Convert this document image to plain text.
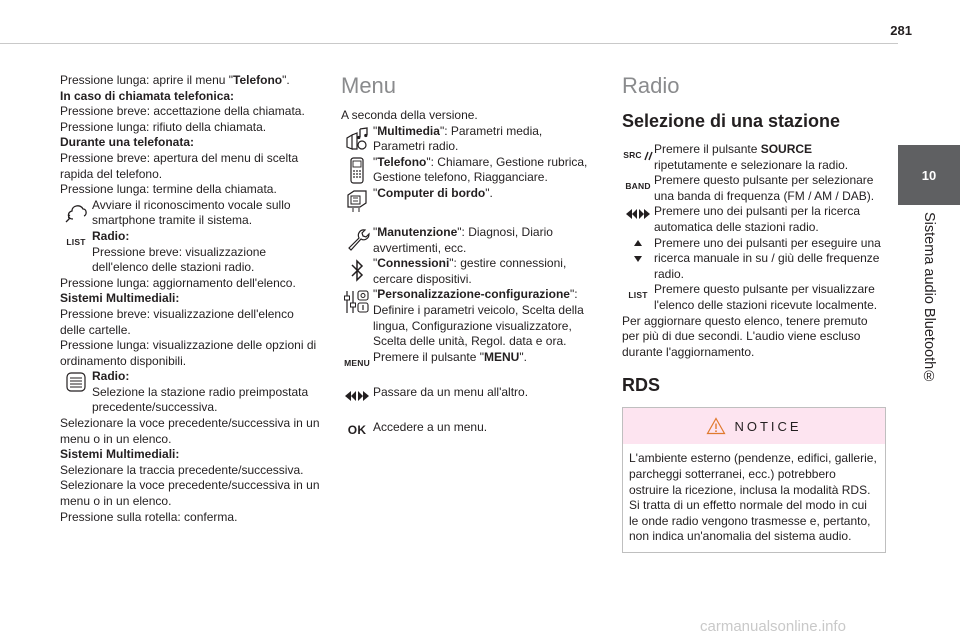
281
10
Sistema audio Bluetooth®

Pressione lunga: aprire il menu "Telefono".

In caso di chiamata telefonica:

Pressione breve: accettazione della chiamata.

Pressione lunga: rifiuto della chiamata.

Durante una telefonata:

Pressione breve: apertura del menu di scelta rapida del telefono.

Pressione lunga: termine della chiamata.

Avviare il riconoscimento vocale sullo smartphone tramite il sistema.
LIST Radio:
Pressione breve: visualizzazione dell'elenco delle stazioni radio.

Pressione lunga: aggiornamento dell'elenco.

Sistemi Multimediali:

Pressione breve: visualizzazione dell'elenco delle cartelle.

Pressione lunga: visualizzazione delle opzioni di ordinamento disponibili.

Radio:
Selezione la stazione radio preimpostata precedente/successiva.

Selezionare la voce precedente/successiva in un menu o in un elenco.

Sistemi Multimediali:

Selezionare la traccia precedente/successiva.

Selezionare la voce precedente/successiva in un menu o in un elenco.

Pressione sulla rotella: conferma.

Menu

A seconda della versione.

"Multimedia": Parametri media, Parametri radio.
"Telefono": Chiamare, Gestione rubrica, Gestione telefono, Riagganciare.
"Computer di bordo".
"Manutenzione": Diagnosi, Diario avvertimenti, ecc.
"Connessioni": gestire connessioni, cercare dispositivi.
"Personalizzazione-configurazione": Definire i parametri veicolo, Scelta della lingua, Configurazione visualizzatore, Scelta delle unità, Regol. data e ora.

MENU Premere il pulsante "MENU".
Passare da un menu all'altro.
OK Accedere a un menu.
Radio
Selezione di una stazione
SRC Premere il pulsante SOURCE ripetutamente e selezionare la radio.
BAND Premere questo pulsante per selezionare una banda di frequenza (FM / AM / DAB).
Premere uno dei pulsanti per la ricerca automatica delle stazioni radio.
Premere uno dei pulsanti per eseguire una ricerca manuale in su / giù delle frequenze radio.
LIST Premere questo pulsante per visualizzare l'elenco delle stazioni ricevute localmente.

Per aggiornare questo elenco, tenere premuto per più di due secondi. L'audio viene escluso durante l'aggiornamento.

RDS
NOTICE
L'ambiente esterno (pendenze, edifici, gallerie, parcheggi sotterranei, ecc.) potrebbero ostruire la ricezione, inclusa la modalità RDS. Si tratta di un effetto normale del modo in cui le onde radio vengono trasmesse e, pertanto, non indica un'anomalia del sistema audio.
carmanualsonline.info
